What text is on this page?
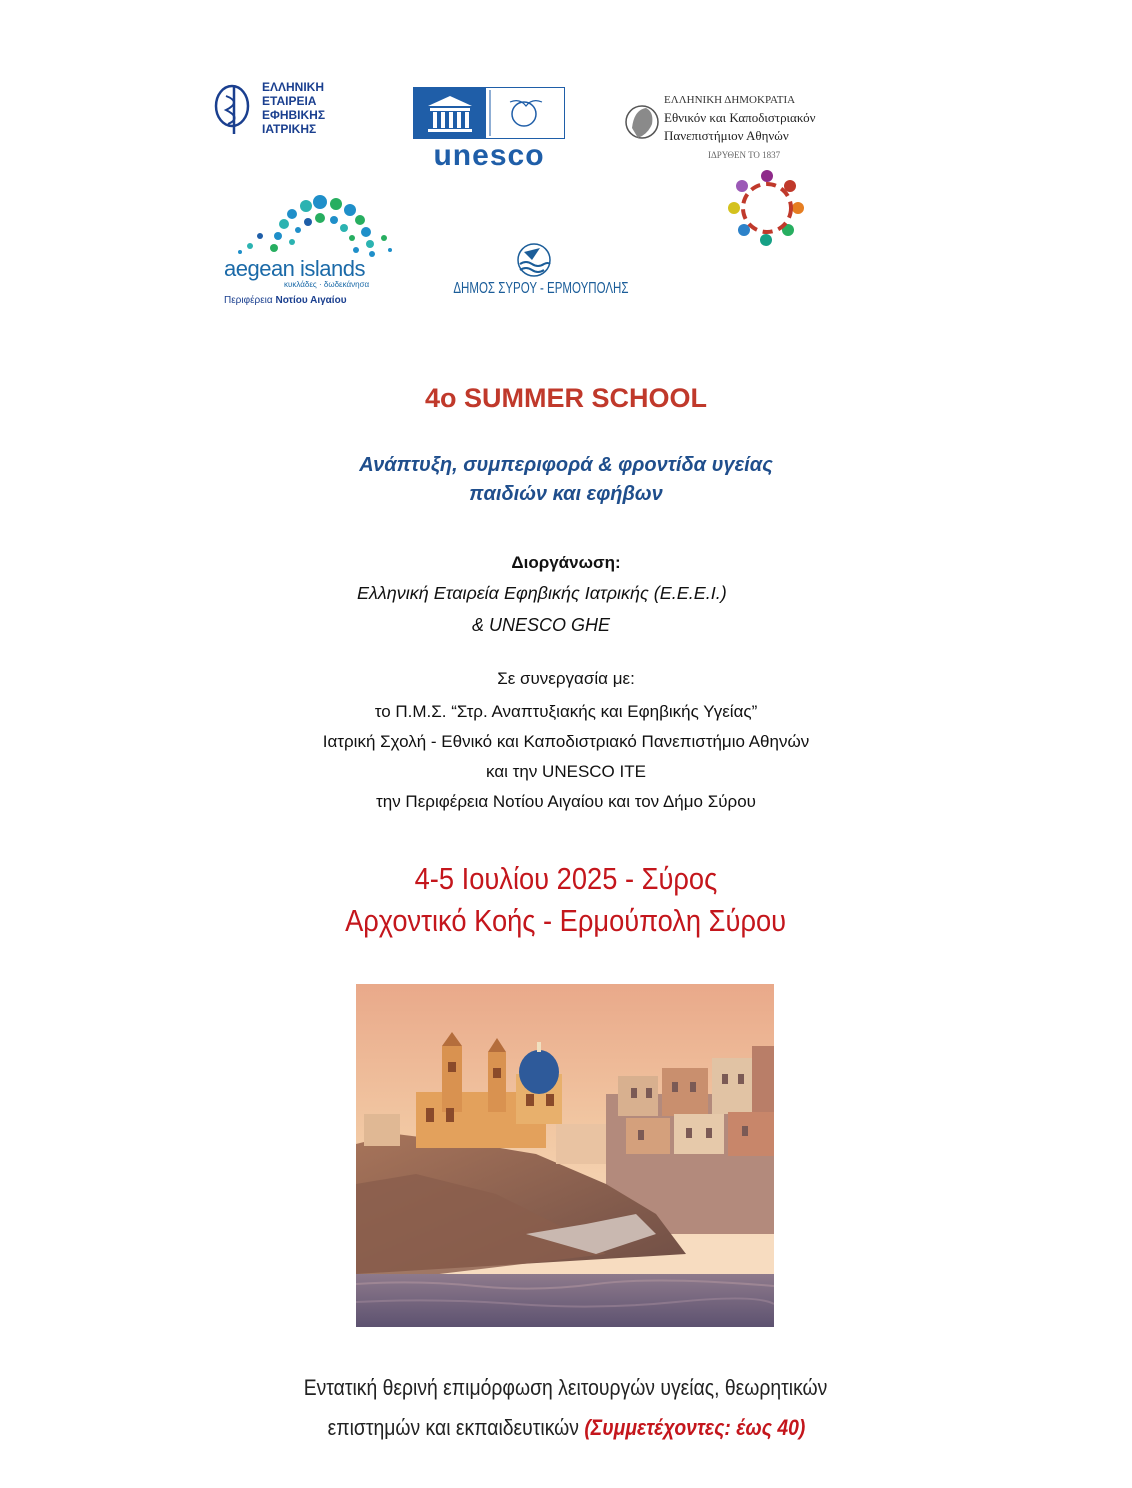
ΕΛΛΗΝΙΚΗ
ΕΤΑΙΡΕΙΑ
ΕΦΗΒΙΚΗΣ
ΙΑΤΡΙΚΗΣ
unesco
ΕΛΛΗΝΙΚΗ ΔΗΜΟΚΡΑΤΙΑ
Εθνικόν και Καποδιστριακόν
Πανεπιστήμιον Αθηνών
ΙΔΡΥΘΕΝ ΤΟ 1837
aegean islands
κυκλάδες · δωδεκάνησα
Περιφέρεια Νοτίου Αιγαίου
ΔΗΜΟΣ ΣΥΡΟΥ - ΕΡΜΟΥΠΟΛΗΣ
4ο SUMMER SCHOOL
Ανάπτυξη, συμπεριφορά & φροντίδα υγείας
παιδιών και εφήβων
Διοργάνωση:
Ελληνική Εταιρεία Εφηβικής Ιατρικής (Ε.Ε.Ε.Ι.)
& UNESCO GHE
Σε συνεργασία με:
το Π.Μ.Σ. “Στρ. Αναπτυξιακής και Εφηβικής Υγείας”
Ιατρική Σχολή - Εθνικό και Καποδιστριακό Πανεπιστήμιο Αθηνών
και την UNESCO ITE
την Περιφέρεια Νοτίου Αιγαίου και τον Δήμο Σύρου
4-5 Ιουλίου 2025 - Σύρος
Αρχοντικό Κοής - Ερμούπολη Σύρου
Εντατική θερινή επιμόρφωση λειτουργών υγείας, θεωρητικών
επιστημών και εκπαιδευτικών (Συμμετέχοντες: έως 40)
